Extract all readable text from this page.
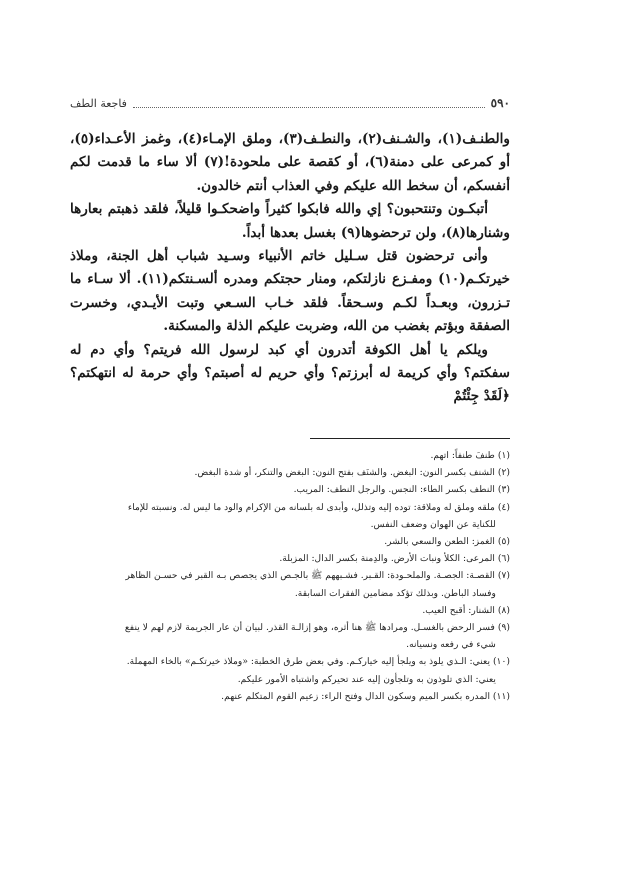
٥٩٠
فاجعة الطف

والطنـف(١)، والشـنف(٢)، والنطـف(٣)، وملق الإمـاء(٤)، وغمز الأعـداء(٥)، أو كمرعى على دمنة(٦)، أو كقصة على ملحودة!(٧) ألا ساء ما قدمت لكم أنفسكم، أن سخط الله عليكم وفي العذاب أنتم خالدون.

أتبكـون وتنتحبون؟ إي والله فابكوا كثيراً واضحكـوا قليلاً، فلقد ذهبتم بعارها وشنارها(٨)، ولن ترحضوها(٩) بغسل بعدها أبداً.

وأنى ترحضون قتل سـليل خاتم الأنبياء وسـيد شباب أهل الجنة، وملاذ خيرتكـم(١٠) ومفـزع نازلتكم، ومنار حجتكم ومدره ألسـنتكم(١١). ألا سـاء ما تـزرون، وبعـداً لكـم وسـحقاً. فلقد خـاب السـعي وتبت الأيـدي، وخسرت الصفقة وبؤتم بغضب من الله، وضربت عليكم الذلة والمسكنة.

ويلكم يا أهل الكوفة أتدرون أي كبد لرسول الله فريتم؟ وأي دم له سفكتم؟ وأي كريمة له أبرزتم؟ وأي حريم له أصبتم؟ وأي حرمة له انتهكتم؟ ﴿لَقَدْ جِئْتُمْ

(١) طنفَ طنفاً: اتهم.

(٢) الشنف بكسر النون: البغض. والشنَف بفتح النون: البغض والتنكر، أو شدة البغض.

(٣) النطف بكسر الطاء: النجس. والرجل النطف: المريب.

(٤) ملقه وملق له وملاقة: توده إليه وتذلل، وأبدى له بلسانه من الإكرام والود ما ليس له. ونسبته للإماء

للكناية عن الهوان وضعف النفس.

(٥) الغمز: الطعن والسعي بالشر.

(٦) المرعى: الكلأ ونبات الأرض. والدِمنة بكسر الدال: المزبلة.

(٧) القصـة: الجصـة. والملحـودة: القـبر. فشـبههم ﷺ بالجـص الذي يجصص بـه القبر في حسـن الظاهر

وفساد الباطن. وبذلك تؤكد مضامين الفقرات السابقة.

(٨) الشنار: أقبح العيب.

(٩) فسر الرحض بالغسـل. ومرادها ﷺ هنا أثره، وهو إزالـة القذر. لبيان أن عار الجريمة لازم لهم لا ينفع

شيء في رفعه ونسيانه.

(١٠) يعني: الـذي يلوذ به ويلجأ إليه خياركـم. وفي بعض طرق الخطبة: «وملاذ خيرتكـم» بالخاء المهملة.

يعني: الذي تلوذون به وتلجأون إليه عند تحيركم واشتباه الأمور عليكم.

(١١) المدره بكسر الميم وسكون الدال وفتح الراء: زعيم القوم المتكلم عنهم.
